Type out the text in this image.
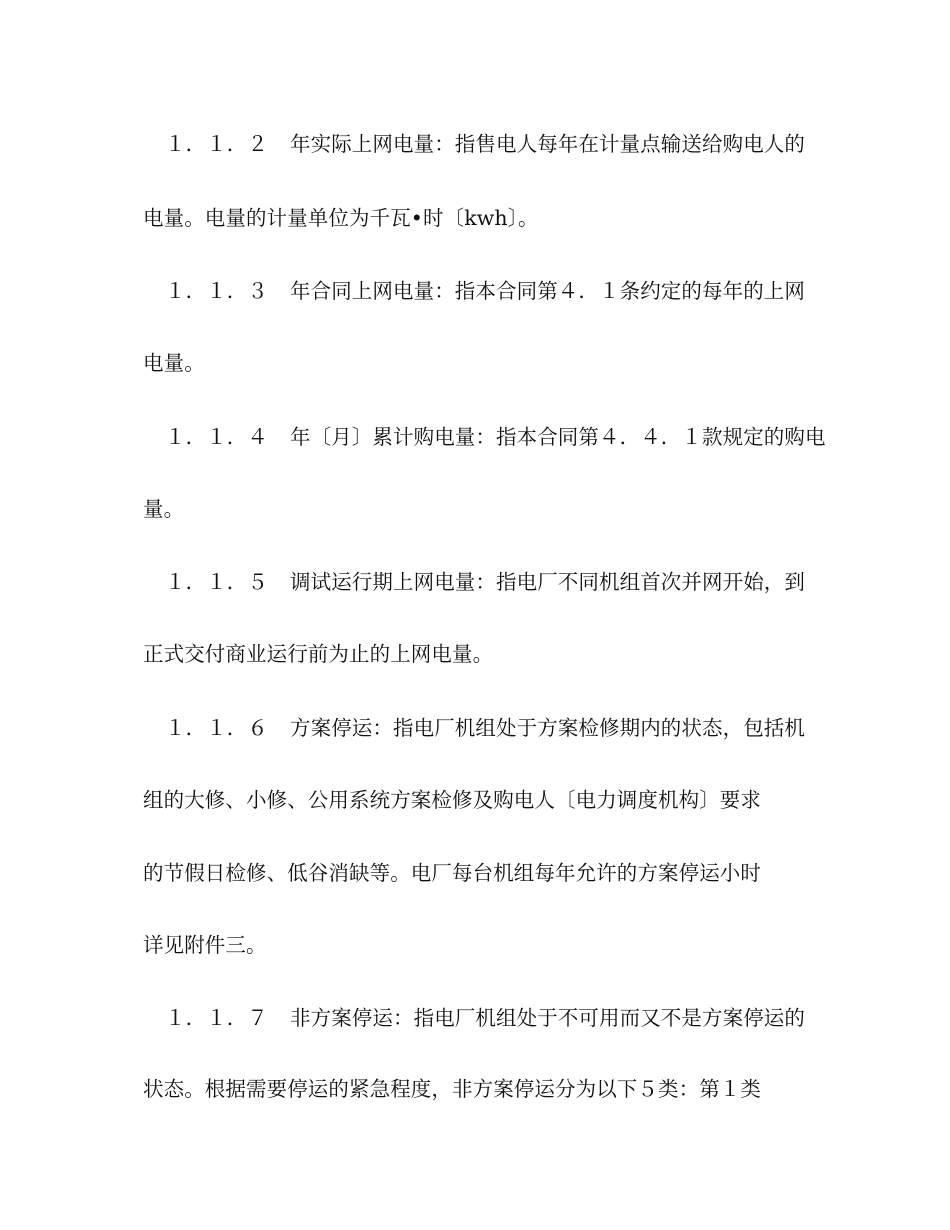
１．１．２ 年实际上网电量：指售电人每年在计量点输送给购电人的
电量。电量的计量单位为千瓦•时〔kwh〕。
１．１．３ 年合同上网电量：指本合同第４．１条约定的每年的上网
电量。
１．１．４ 年〔月〕累计购电量：指本合同第４．４．１款规定的购电
量。
１．１．５ 调试运行期上网电量：指电厂不同机组首次并网开始，到
正式交付商业运行前为止的上网电量。
１．１．６ 方案停运：指电厂机组处于方案检修期内的状态，包括机
组的大修、小修、公用系统方案检修及购电人〔电力调度机构〕要求
的节假日检修、低谷消缺等。电厂每台机组每年允许的方案停运小时
详见附件三。
１．１．７ 非方案停运：指电厂机组处于不可用而又不是方案停运的
状态。根据需要停运的紧急程度，非方案停运分为以下５类：第１类
